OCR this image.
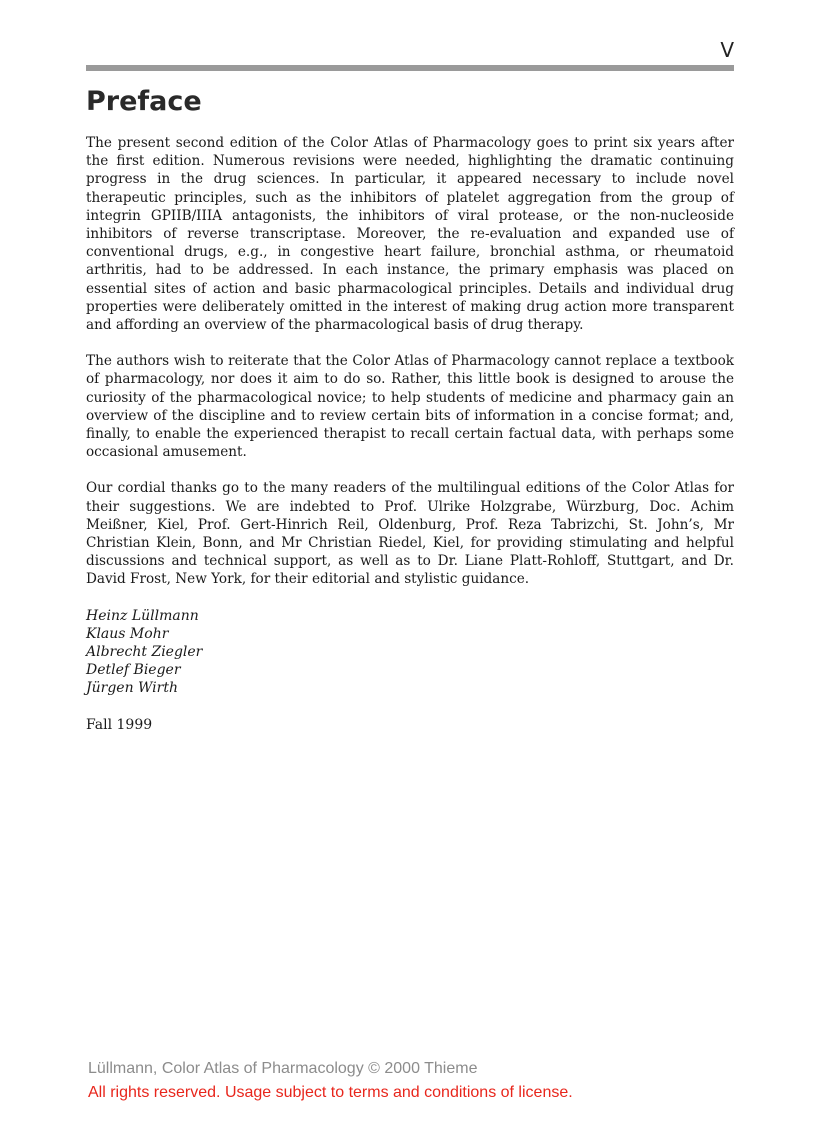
V
Preface

The present second edition of the Color Atlas of Pharmacology goes to print six years after the first edition. Numerous revisions were needed, highlighting the dramatic continuing progress in the drug sciences. In particular, it appeared necessary to include novel therapeutic principles, such as the inhibitors of platelet aggregation from the group of integrin GPIIB/IIIA antagonists, the inhibitors of viral protease, or the non-nucleoside inhibitors of reverse transcriptase. Moreover, the re-evaluation and expanded use of conventional drugs, e.g., in congestive heart failure, bronchial asthma, or rheumatoid arthritis, had to be addressed. In each instance, the primary emphasis was placed on essential sites of action and basic pharmacological principles. Details and individual drug properties were deliberately omitted in the interest of making drug action more transparent and affording an overview of the pharmacological basis of drug therapy.

The authors wish to reiterate that the Color Atlas of Pharmacology cannot replace a textbook of pharmacology, nor does it aim to do so. Rather, this little book is designed to arouse the curiosity of the pharmacological novice; to help students of medicine and pharmacy gain an overview of the discipline and to review certain bits of information in a concise format; and, finally, to enable the experienced therapist to recall certain factual data, with perhaps some occasional amusement.

Our cordial thanks go to the many readers of the multilingual editions of the Color Atlas for their suggestions. We are indebted to Prof. Ulrike Holzgrabe, Würzburg, Doc. Achim Meißner, Kiel, Prof. Gert-Hinrich Reil, Oldenburg, Prof. Reza Tabrizchi, St. John’s, Mr Christian Klein, Bonn, and Mr Christian Riedel, Kiel, for providing stimulating and helpful discussions and technical support, as well as to Dr. Liane Platt-Rohloff, Stuttgart, and Dr. David Frost, New York, for their editorial and stylistic guidance.

Heinz Lüllmann
Klaus Mohr
Albrecht Ziegler
Detlef Bieger
Jürgen Wirth
Fall 1999
Lüllmann, Color Atlas of Pharmacology © 2000 Thieme
All rights reserved. Usage subject to terms and conditions of license.
